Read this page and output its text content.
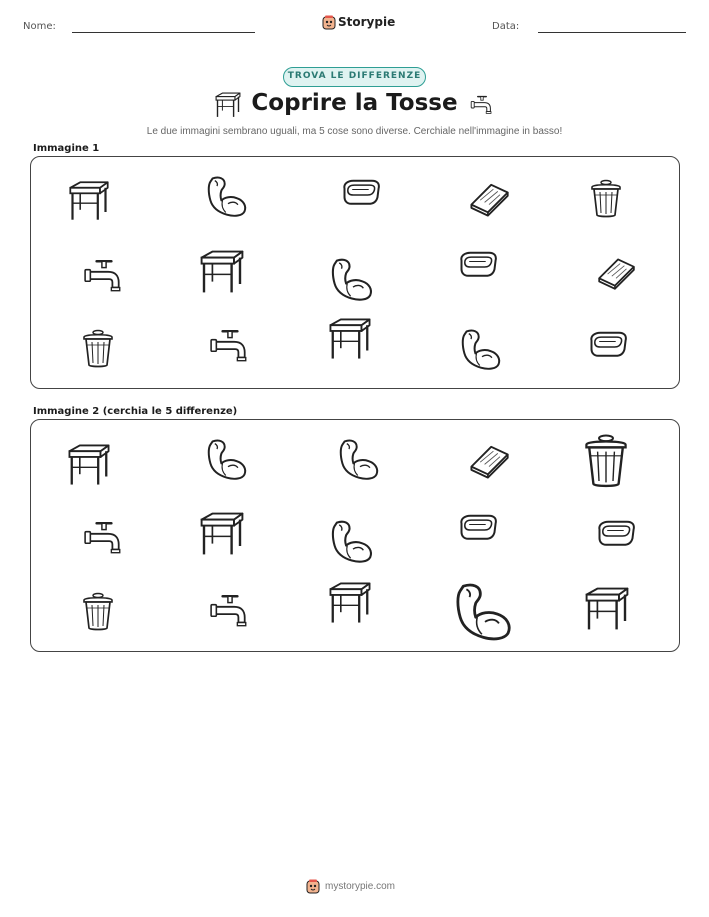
Nome:	Storypie	Data:
TROVA LE DIFFERENZE
Coprire la Tosse
Le due immagini sembrano uguali, ma 5 cose sono diverse. Cerchiale nell'immagine in basso!
Immagine 1
Immagine 2 (cerchia le 5 differenze)
mystorypie.com
